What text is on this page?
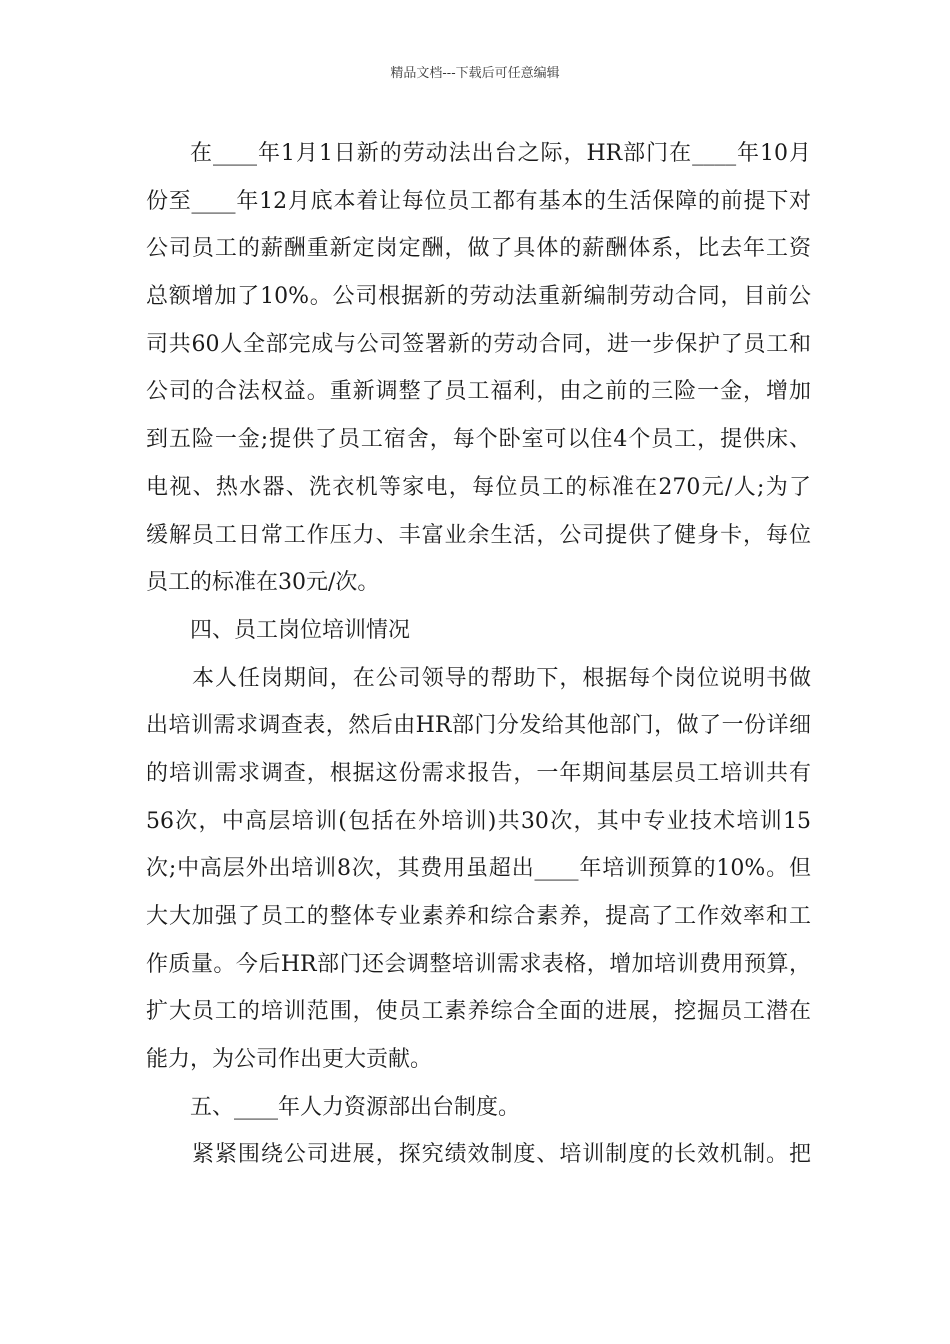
精品文档---下载后可任意编辑
在____年1月1日新的劳动法出台之际，HR部门在____年10月
份至____年12月底本着让每位员工都有基本的生活保障的前提下对
公司员工的薪酬重新定岗定酬，做了具体的薪酬体系，比去年工资
总额增加了10%。公司根据新的劳动法重新编制劳动合同，目前公
司共60人全部完成与公司签署新的劳动合同，进一步保护了员工和
公司的合法权益。重新调整了员工福利，由之前的三险一金，增加
到五险一金;提供了员工宿舍，每个卧室可以住4个员工，提供床、
电视、热水器、洗衣机等家电，每位员工的标准在270元/人;为了
缓解员工日常工作压力、丰富业余生活，公司提供了健身卡，每位
员工的标准在30元/次。
四、员工岗位培训情况
本人任岗期间，在公司领导的帮助下，根据每个岗位说明书做
出培训需求调查表，然后由HR部门分发给其他部门，做了一份详细
的培训需求调查，根据这份需求报告，一年期间基层员工培训共有
56次，中高层培训(包括在外培训)共30次，其中专业技术培训15
次;中高层外出培训8次，其费用虽超出____年培训预算的10%。但
大大加强了员工的整体专业素养和综合素养，提高了工作效率和工
作质量。今后HR部门还会调整培训需求表格，增加培训费用预算，
扩大员工的培训范围，使员工素养综合全面的进展，挖掘员工潜在
能力，为公司作出更大贡献。
五、____年人力资源部出台制度。
紧紧围绕公司进展，探究绩效制度、培训制度的长效机制。把
